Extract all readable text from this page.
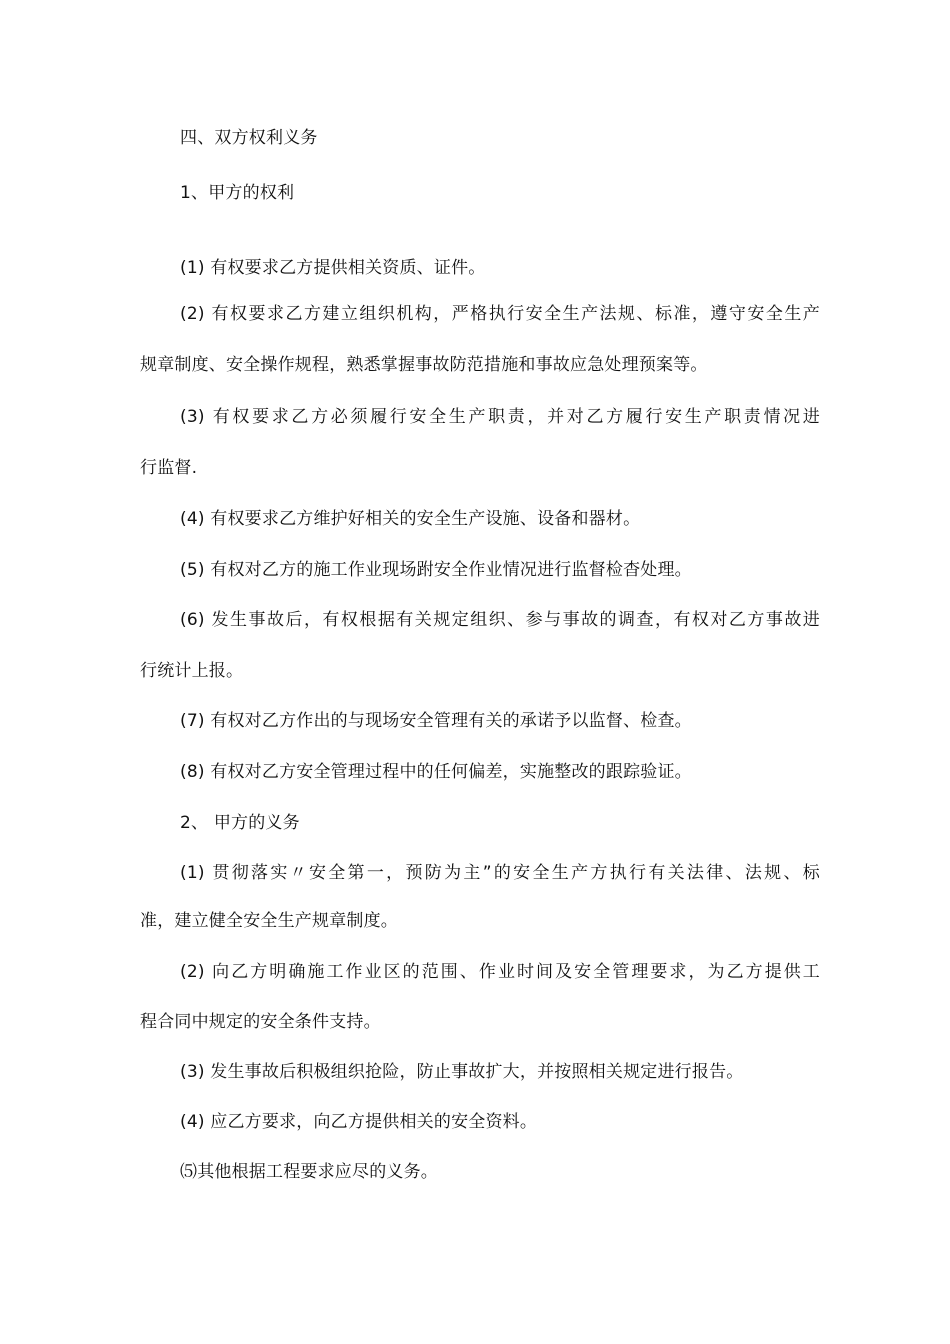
四、双方权利义务
1、甲方的权利
(1) 有权要求乙方提供相关资质、证件。
(2) 有权要求乙方建立组织机构，严格执行安全生产法规、标准，遵守安全生产
规章制度、安全操作规程，熟悉掌握事故防范措施和事故应急处理预案等。
(3) 有权要求乙方必须履行安全生产职责，并对乙方履行安生产职责情况进
行监督.
(4) 有权要求乙方维护好相关的安全生产设施、设备和器材。
(5) 有权对乙方的施工作业现场跗安全作业情况进行监督检杳处理。
(6) 发生事故后，有权根据有关规定组织、参与事故的调查，有权对乙方事故进
行统计上报。
(7) 有权对乙方作出的与现场安全管理有关的承诺予以监督、检查。
(8) 有权对乙方安全管理过程中的任何偏差，实施整改的跟踪验证。
2、 甲方的义务
(1) 贯彻落实〃安全第一，预防为主”的安全生产方执行有关法律、法规、标
准，建立健全安全生产规章制度。
(2) 向乙方明确施工作业区的范围、作业时间及安全管理要求，为乙方提供工
程合同中规定的安全条件支持。
(3) 发生事故后积极组织抢险，防止事故扩大，并按照相关规定进行报告。
(4) 应乙方要求，向乙方提供相关的安全资料。
⑸其他根据工程要求应尽的义务。
